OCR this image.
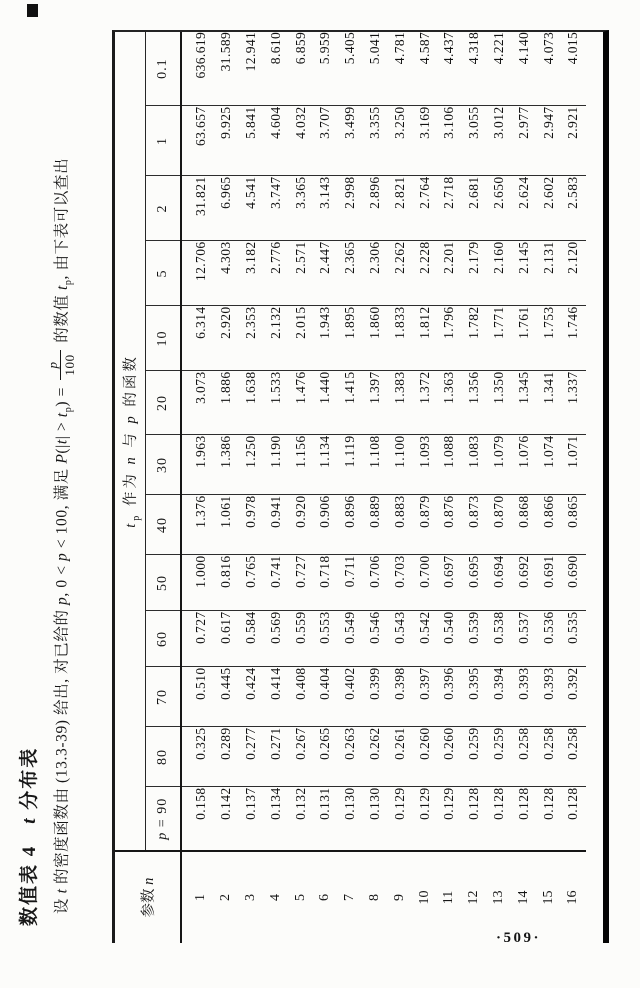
数值表 4 t 分布表
设 t 的密度函数由 (13.3-39) 给出, 对已给的 p, 0 < p < 100, 满足 $P(|t| > t_p)$ =
p 100
的数值 $t_p$, 由下表可以查出
参数 n	$t_p$ 作为 n 与 p 的函数												
	p = 90	80	70	60	50	40	30	20	10	5	2	1	0.1
1	0.158	0.325	0.510	0.727	1.000	1.376	1.963	3.073	6.314	12.706	31.821	63.657	636.619
2	0.142	0.289	0.445	0.617	0.816	1.061	1.386	1.886	2.920	4.303	6.965	9.925	31.589
3	0.137	0.277	0.424	0.584	0.765	0.978	1.250	1.638	2.353	3.182	4.541	5.841	12.941
4	0.134	0.271	0.414	0.569	0.741	0.941	1.190	1.533	2.132	2.776	3.747	4.604	8.610
5	0.132	0.267	0.408	0.559	0.727	0.920	1.156	1.476	2.015	2.571	3.365	4.032	6.859
6	0.131	0.265	0.404	0.553	0.718	0.906	1.134	1.440	1.943	2.447	3.143	3.707	5.959
7	0.130	0.263	0.402	0.549	0.711	0.896	1.119	1.415	1.895	2.365	2.998	3.499	5.405
8	0.130	0.262	0.399	0.546	0.706	0.889	1.108	1.397	1.860	2.306	2.896	3.355	5.041
9	0.129	0.261	0.398	0.543	0.703	0.883	1.100	1.383	1.833	2.262	2.821	3.250	4.781
10	0.129	0.260	0.397	0.542	0.700	0.879	1.093	1.372	1.812	2.228	2.764	3.169	4.587
11	0.129	0.260	0.396	0.540	0.697	0.876	1.088	1.363	1.796	2.201	2.718	3.106	4.437
12	0.128	0.259	0.395	0.539	0.695	0.873	1.083	1.356	1.782	2.179	2.681	3.055	4.318
13	0.128	0.259	0.394	0.538	0.694	0.870	1.079	1.350	1.771	2.160	2.650	3.012	4.221
14	0.128	0.258	0.393	0.537	0.692	0.868	1.076	1.345	1.761	2.145	2.624	2.977	4.140
15	0.128	0.258	0.393	0.536	0.691	0.866	1.074	1.341	1.753	2.131	2.602	2.947	4.073
16	0.128	0.258	0.392	0.535	0.690	0.865	1.071	1.337	1.746	2.120	2.583	2.921	4.015
·509·
